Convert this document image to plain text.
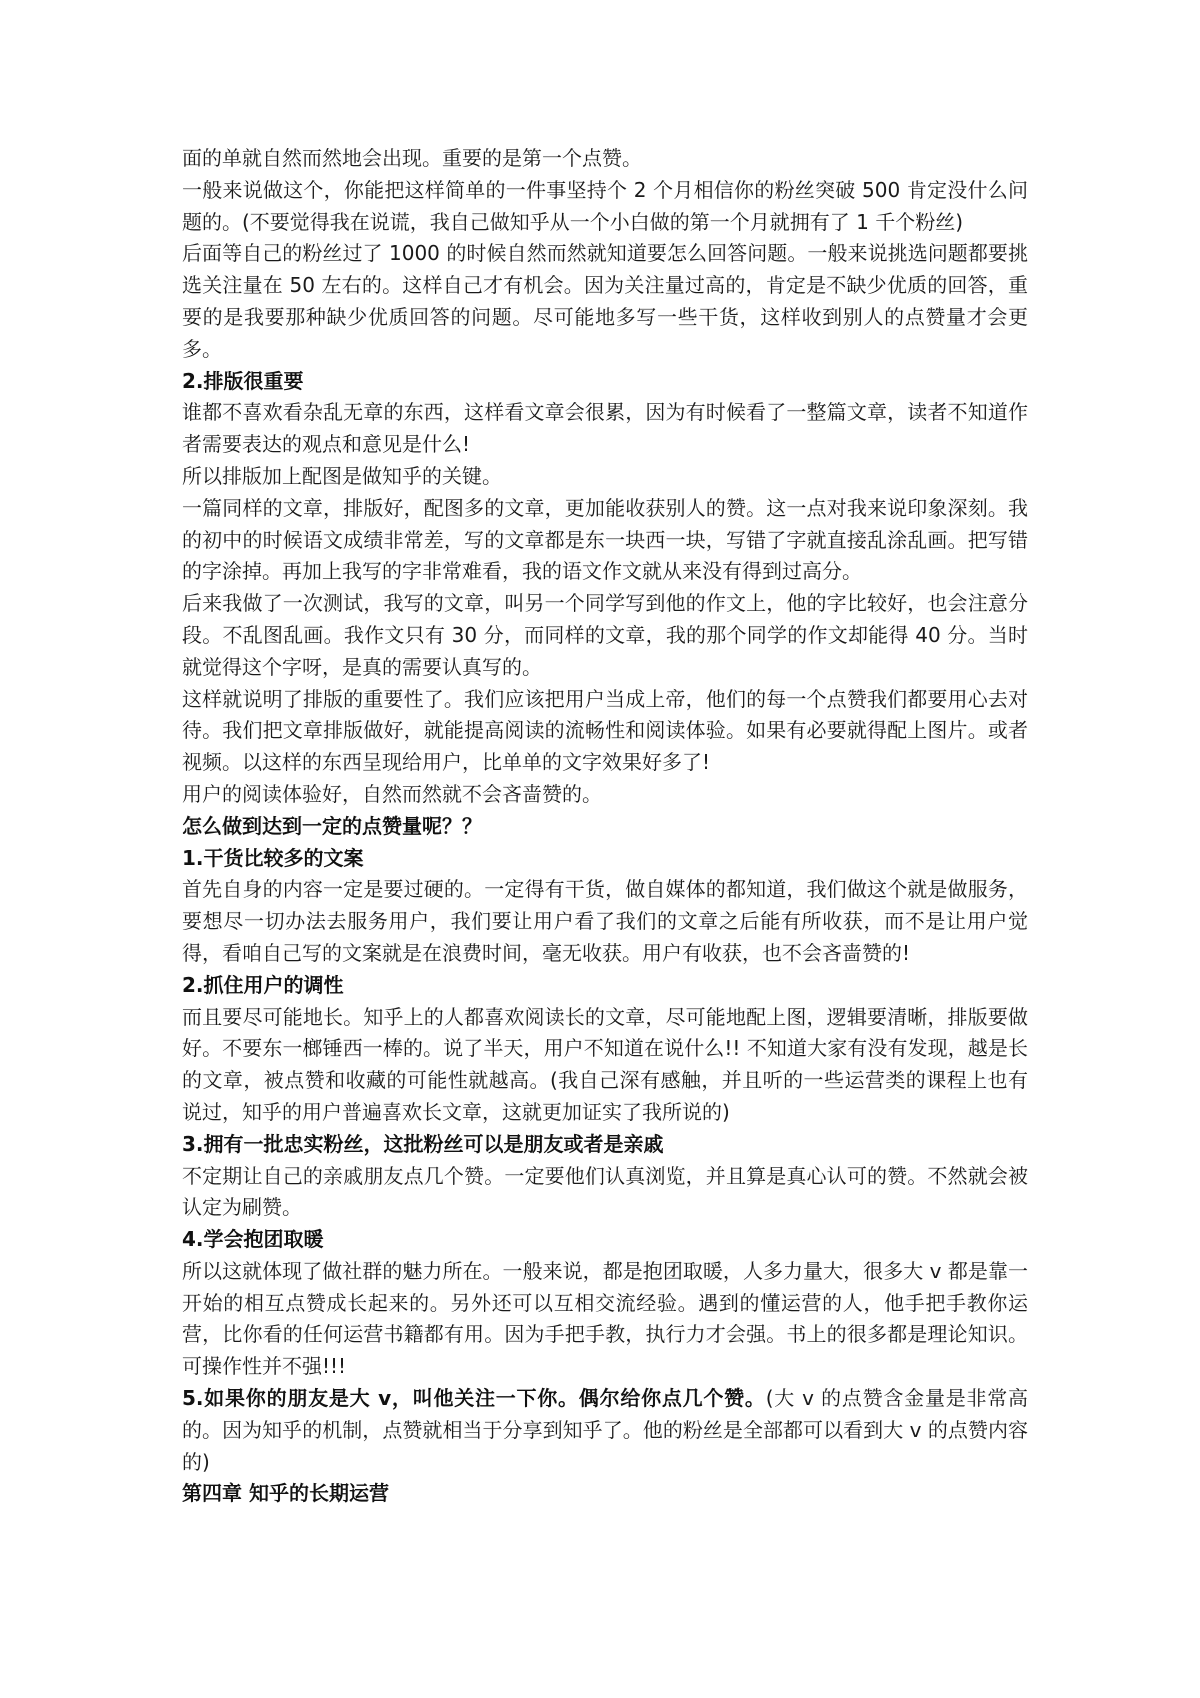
面的单就自然而然地会出现。重要的是第一个点赞。

一般来说做这个，你能把这样简单的一件事坚持个 2 个月相信你的粉丝突破 500 肯定没什么问题的。(不要觉得我在说谎，我自己做知乎从一个小白做的第一个月就拥有了 1 千个粉丝)

后面等自己的粉丝过了 1000 的时候自然而然就知道要怎么回答问题。一般来说挑选问题都要挑选关注量在 50 左右的。这样自己才有机会。因为关注量过高的，肯定是不缺少优质的回答，重要的是我要那种缺少优质回答的问题。尽可能地多写一些干货，这样收到别人的点赞量才会更多。

2.排版很重要

谁都不喜欢看杂乱无章的东西，这样看文章会很累，因为有时候看了一整篇文章，读者不知道作者需要表达的观点和意见是什么!

所以排版加上配图是做知乎的关键。

一篇同样的文章，排版好，配图多的文章，更加能收获别人的赞。这一点对我来说印象深刻。我的初中的时候语文成绩非常差，写的文章都是东一块西一块，写错了字就直接乱涂乱画。把写错的字涂掉。再加上我写的字非常难看，我的语文作文就从来没有得到过高分。

后来我做了一次测试，我写的文章，叫另一个同学写到他的作文上，他的字比较好，也会注意分段。不乱图乱画。我作文只有 30 分，而同样的文章，我的那个同学的作文却能得 40 分。当时就觉得这个字呀，是真的需要认真写的。

这样就说明了排版的重要性了。我们应该把用户当成上帝，他们的每一个点赞我们都要用心去对待。我们把文章排版做好，就能提高阅读的流畅性和阅读体验。如果有必要就得配上图片。或者视频。以这样的东西呈现给用户，比单单的文字效果好多了!

用户的阅读体验好，自然而然就不会吝啬赞的。

怎么做到达到一定的点赞量呢？？

1.干货比较多的文案

首先自身的内容一定是要过硬的。一定得有干货，做自媒体的都知道，我们做这个就是做服务，要想尽一切办法去服务用户，我们要让用户看了我们的文章之后能有所收获，而不是让用户觉得，看咱自己写的文案就是在浪费时间，毫无收获。用户有收获，也不会吝啬赞的!

2.抓住用户的调性

而且要尽可能地长。知乎上的人都喜欢阅读长的文章，尽可能地配上图，逻辑要清晰，排版要做好。不要东一榔锤西一棒的。说了半天，用户不知道在说什么!! 不知道大家有没有发现，越是长的文章，被点赞和收藏的可能性就越高。(我自己深有感触，并且听的一些运营类的课程上也有说过，知乎的用户普遍喜欢长文章，这就更加证实了我所说的)

3.拥有一批忠实粉丝，这批粉丝可以是朋友或者是亲戚

不定期让自己的亲戚朋友点几个赞。一定要他们认真浏览，并且算是真心认可的赞。不然就会被认定为刷赞。

4.学会抱团取暖

所以这就体现了做社群的魅力所在。一般来说，都是抱团取暖，人多力量大，很多大 v 都是靠一开始的相互点赞成长起来的。另外还可以互相交流经验。遇到的懂运营的人，他手把手教你运营，比你看的任何运营书籍都有用。因为手把手教，执行力才会强。书上的很多都是理论知识。可操作性并不强!!!

5.如果你的朋友是大 v，叫他关注一下你。偶尔给你点几个赞。(大 v 的点赞含金量是非常高的。因为知乎的机制，点赞就相当于分享到知乎了。他的粉丝是全部都可以看到大 v 的点赞内容的)

第四章 知乎的长期运营
